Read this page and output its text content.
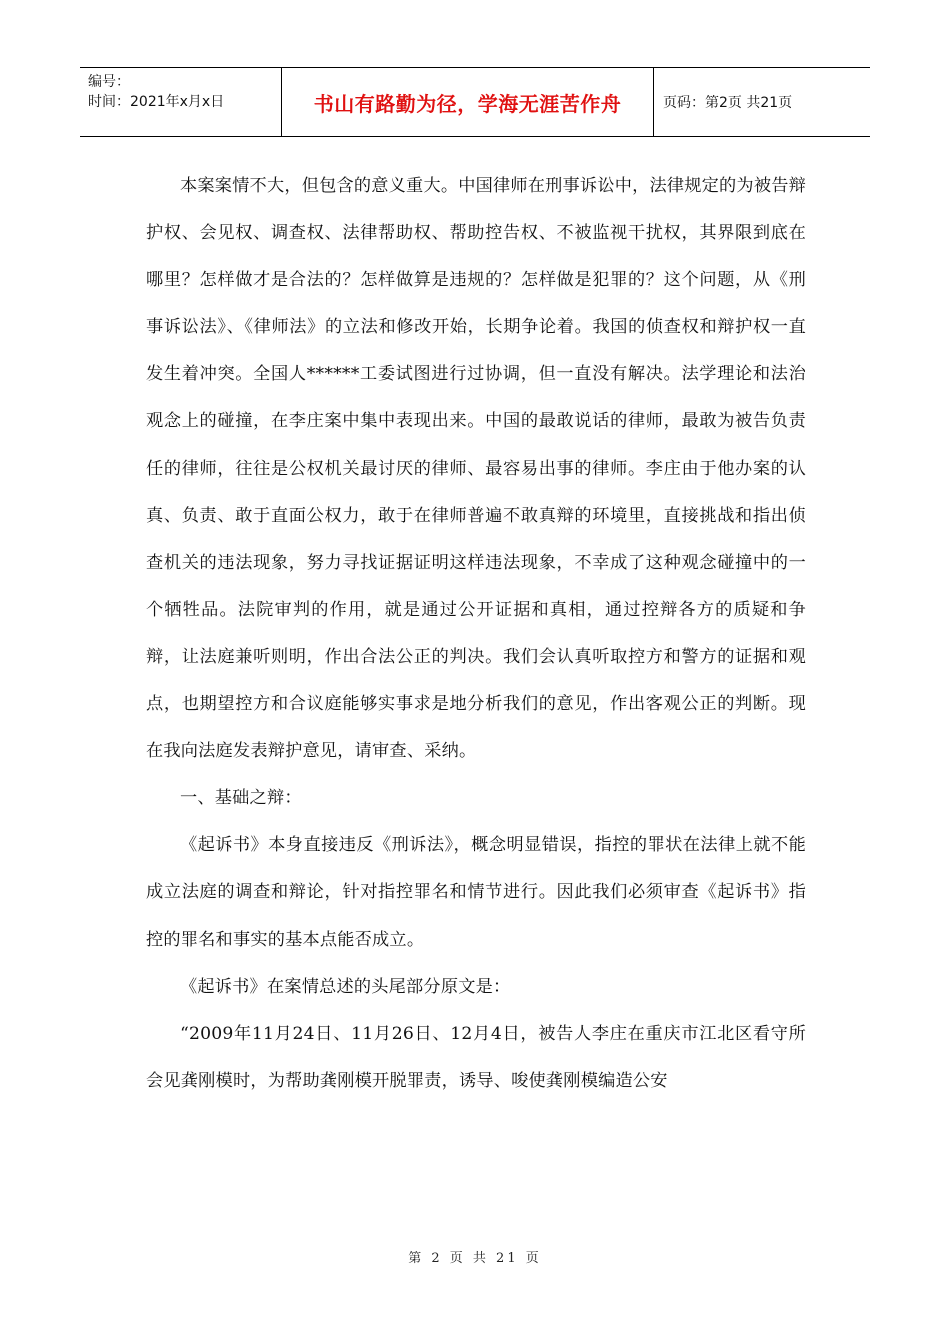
编号：
时间：2021年x月x日	书山有路勤为径，学海无涯苦作舟	页码：第2页 共21页

本案案情不大，但包含的意义重大。中国律师在刑事诉讼中，法律规定的为被告辩护权、会见权、调查权、法律帮助权、帮助控告权、不被监视干扰权，其界限到底在哪里？怎样做才是合法的？怎样做算是违规的？怎样做是犯罪的？这个问题，从《刑事诉讼法》、《律师法》的立法和修改开始，长期争论着。我国的侦查权和辩护权一直发生着冲突。全国人******工委试图进行过协调，但一直没有解决。法学理论和法治观念上的碰撞，在李庄案中集中表现出来。中国的最敢说话的律师，最敢为被告负责任的律师，往往是公权机关最讨厌的律师、最容易出事的律师。李庄由于他办案的认真、负责、敢于直面公权力，敢于在律师普遍不敢真辩的环境里，直接挑战和指出侦查机关的违法现象，努力寻找证据证明这样违法现象，不幸成了这种观念碰撞中的一个牺牲品。法院审判的作用，就是通过公开证据和真相，通过控辩各方的质疑和争辩，让法庭兼听则明，作出合法公正的判决。我们会认真听取控方和警方的证据和观点，也期望控方和合议庭能够实事求是地分析我们的意见，作出客观公正的判断。现在我向法庭发表辩护意见，请审查、采纳。

一、基础之辩：

《起诉书》本身直接违反《刑诉法》，概念明显错误，指控的罪状在法律上就不能成立法庭的调查和辩论，针对指控罪名和情节进行。因此我们必须审查《起诉书》指控的罪名和事实的基本点能否成立。

《起诉书》在案情总述的头尾部分原文是：

“2009年11月24日、11月26日、12月4日，被告人李庄在重庆市江北区看守所会见龚刚模时，为帮助龚刚模开脱罪责，诱导、唆使龚刚模编造公安

第 2 页 共 21 页
